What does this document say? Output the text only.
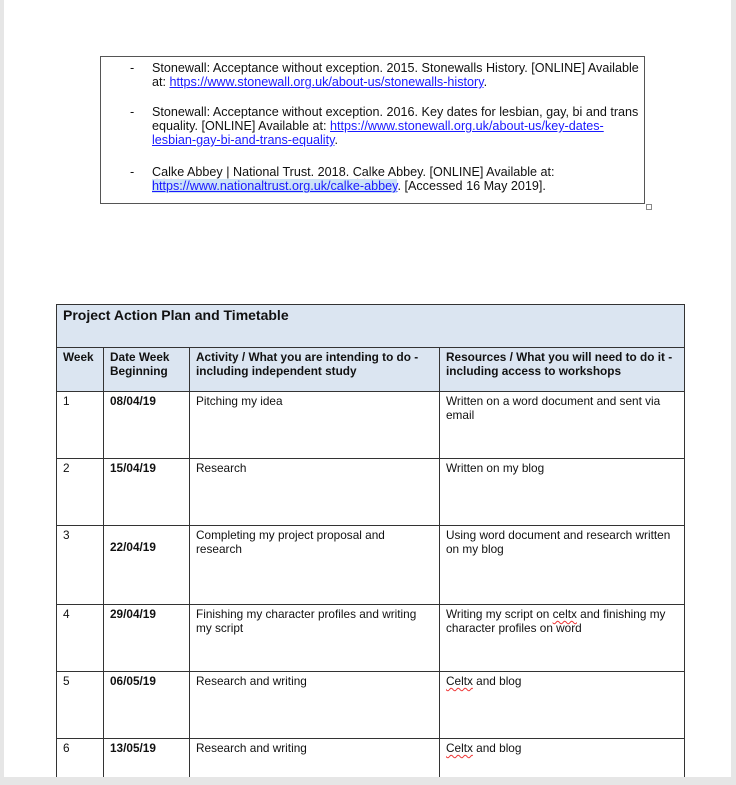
- Stonewall: Acceptance without exception. 2015. Stonewalls History. [ONLINE] Available at: https://www.stonewall.org.uk/about-us/stonewalls-history.
- Stonewall: Acceptance without exception. 2016. Key dates for lesbian, gay, bi and trans equality. [ONLINE] Available at: https://www.stonewall.org.uk/about-us/key-dates-lesbian-gay-bi-and-trans-equality.
- Calke Abbey | National Trust. 2018. Calke Abbey. [ONLINE] Available at: https://www.nationaltrust.org.uk/calke-abbey. [Accessed 16 May 2019].
Project Action Plan and Timetable			
Week	Date Week Beginning	Activity / What you are intending to do - including independent study	Resources / What you will need to do it - including access to workshops
1	08/04/19	Pitching my idea	Written on a word document and sent via email
2	15/04/19	Research	Written on my blog
3	22/04/19	Completing my project proposal and research	Using word document and research written on my blog
4	29/04/19	Finishing my character profiles and writing my script	Writing my script on celtx and finishing my character profiles on word
5	06/05/19	Research and writing	Celtx and blog
6	13/05/19	Research and writing	Celtx and blog
